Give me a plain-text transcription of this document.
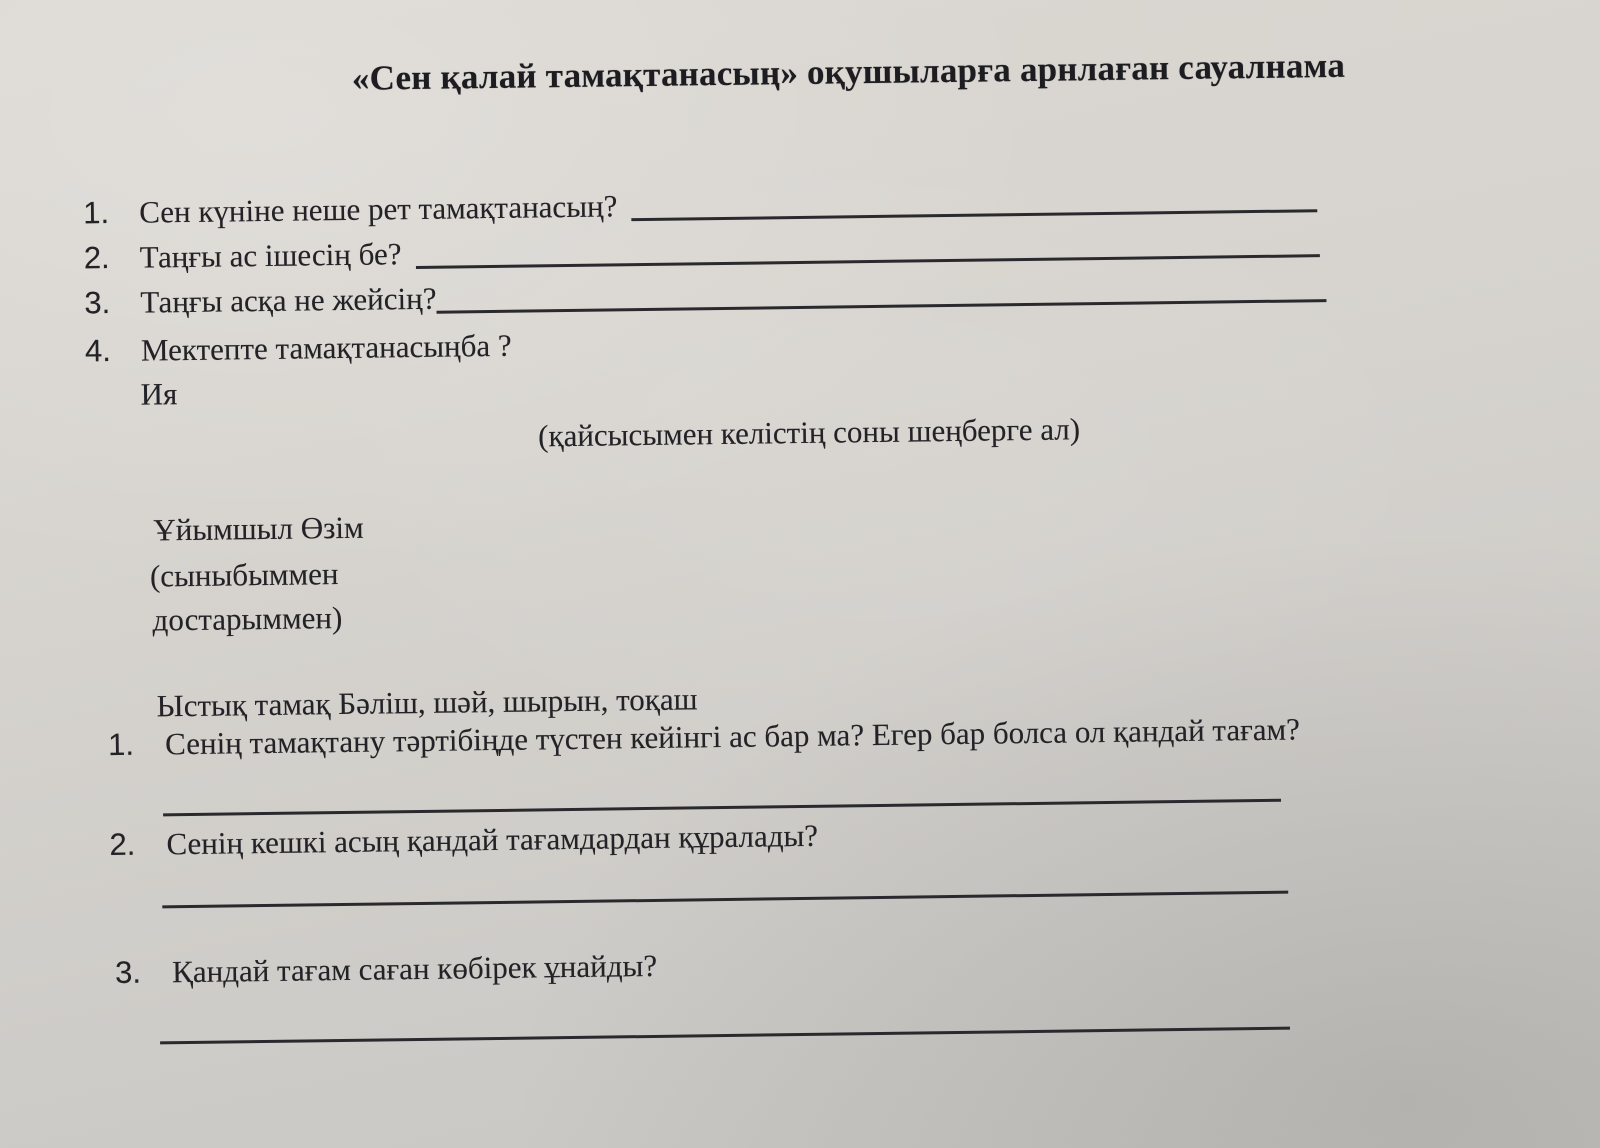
«Сен қалай тамақтанасың» оқушыларға арнлаған сауалнама
1. Сен күніне неше рет тамақтанасың?
2. Таңғы ас ішесің бе?
3. Таңғы асқа не жейсің?
4. Мектепте тамақтанасыңба ?
Ия
(қайсысымен келістің соны шеңберге ал)
Ұйымшыл Өзім
(сыныбыммен
достарыммен)
Ыстық тамақ Бәліш, шәй, шырын, тоқаш
1. Сенің тамақтану тәртібіңде түстен кейінгі ас бар ма? Егер бар болса ол қандай тағам?
2. Сенің кешкі асың қандай тағамдардан құралады?
3. Қандай тағам саған көбірек ұнайды?
